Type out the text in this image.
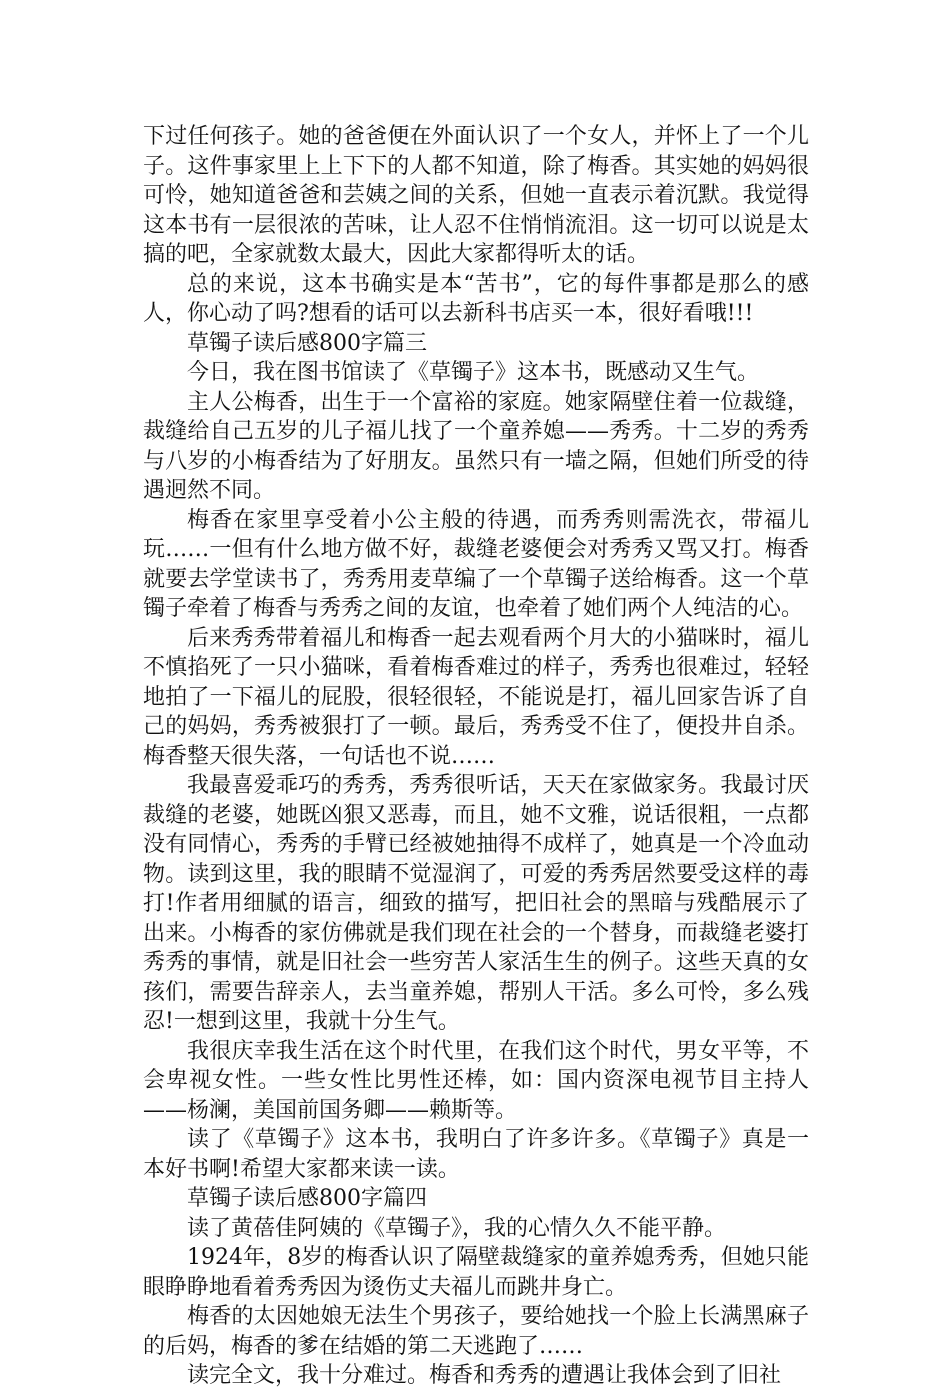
下过任何孩子。她的爸爸便在外面认识了一个女人，并怀上了一个儿子。这件事家里上上下下的人都不知道，除了梅香。其实她的妈妈很可怜，她知道爸爸和芸姨之间的关系，但她一直表示着沉默。我觉得这本书有一层很浓的苦味，让人忍不住悄悄流泪。这一切可以说是太搞的吧，全家就数太最大，因此大家都得听太的话。

总的来说，这本书确实是本“苦书”，它的每件事都是那么的感人，你心动了吗?想看的话可以去新科书店买一本，很好看哦!!!

草镯子读后感800字篇三

今日，我在图书馆读了《草镯子》这本书，既感动又生气。

主人公梅香，出生于一个富裕的家庭。她家隔壁住着一位裁缝，裁缝给自己五岁的儿子福儿找了一个童养媳——秀秀。十二岁的秀秀与八岁的小梅香结为了好朋友。虽然只有一墙之隔，但她们所受的待遇迥然不同。

梅香在家里享受着小公主般的待遇，而秀秀则需洗衣，带福儿玩……一但有什么地方做不好，裁缝老婆便会对秀秀又骂又打。梅香就要去学堂读书了，秀秀用麦草编了一个草镯子送给梅香。这一个草镯子牵着了梅香与秀秀之间的友谊，也牵着了她们两个人纯洁的心。

后来秀秀带着福儿和梅香一起去观看两个月大的小猫咪时，福儿不慎掐死了一只小猫咪，看着梅香难过的样子，秀秀也很难过，轻轻地拍了一下福儿的屁股，很轻很轻，不能说是打，福儿回家告诉了自己的妈妈，秀秀被狠打了一顿。最后，秀秀受不住了，便投井自杀。梅香整天很失落，一句话也不说……

我最喜爱乖巧的秀秀，秀秀很听话，天天在家做家务。我最讨厌裁缝的老婆，她既凶狠又恶毒，而且，她不文雅，说话很粗，一点都没有同情心，秀秀的手臂已经被她抽得不成样了，她真是一个冷血动物。读到这里，我的眼睛不觉湿润了，可爱的秀秀居然要受这样的毒打!作者用细腻的语言，细致的描写，把旧社会的黑暗与残酷展示了出来。小梅香的家仿佛就是我们现在社会的一个替身，而裁缝老婆打秀秀的事情，就是旧社会一些穷苦人家活生生的例子。这些天真的女孩们，需要告辞亲人，去当童养媳，帮别人干活。多么可怜，多么残忍!一想到这里，我就十分生气。

我很庆幸我生活在这个时代里，在我们这个时代，男女平等，不会卑视女性。一些女性比男性还棒，如：国内资深电视节目主持人——杨澜，美国前国务卿——赖斯等。

读了《草镯子》这本书，我明白了许多许多。《草镯子》真是一本好书啊!希望大家都来读一读。

草镯子读后感800字篇四

读了黄蓓佳阿姨的《草镯子》，我的心情久久不能平静。

1924年，8岁的梅香认识了隔壁裁缝家的童养媳秀秀，但她只能眼睁睁地看着秀秀因为烫伤丈夫福儿而跳井身亡。

梅香的太因她娘无法生个男孩子，要给她找一个脸上长满黑麻子的后妈，梅香的爹在结婚的第二天逃跑了……

读完全文，我十分难过。梅香和秀秀的遭遇让我体会到了旧社
